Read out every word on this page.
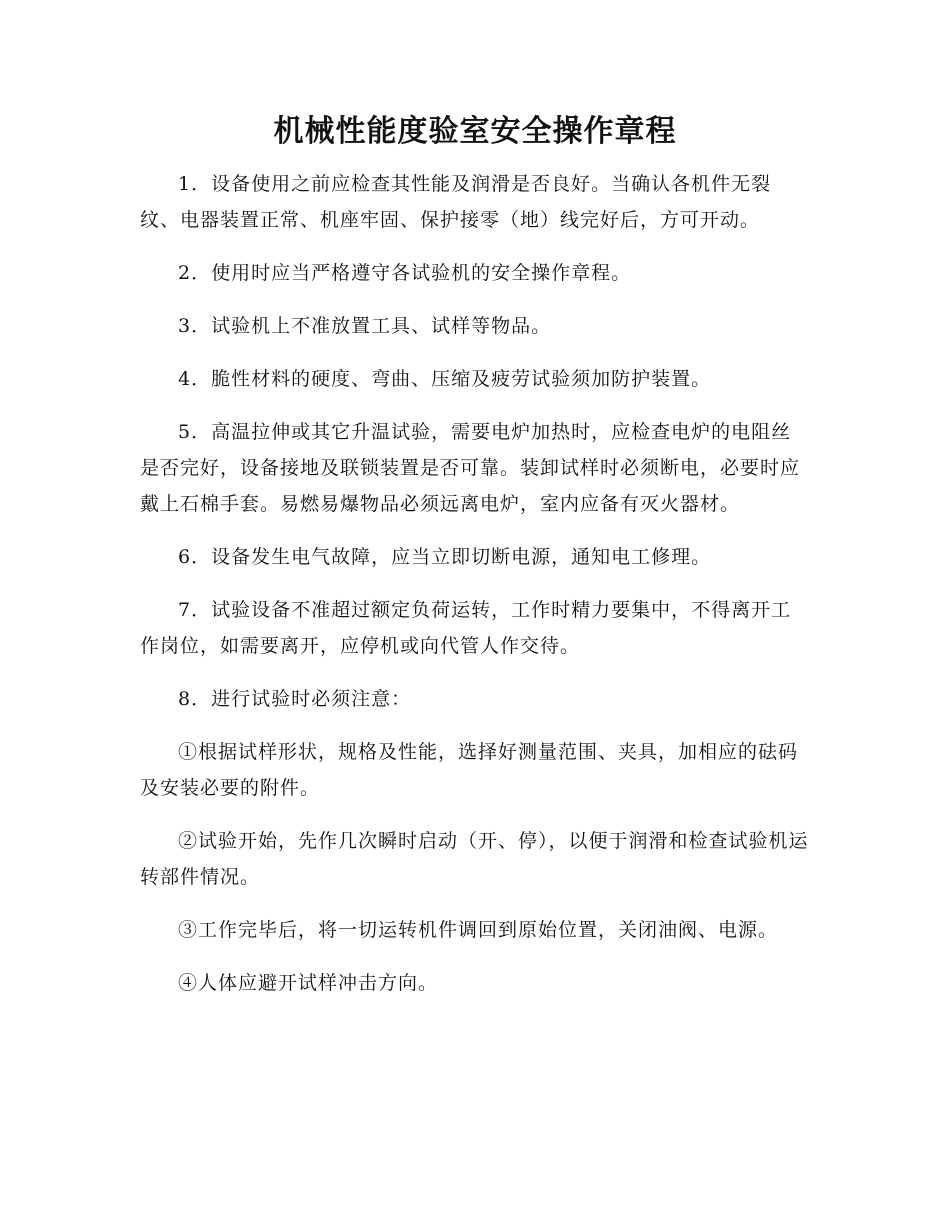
机械性能度验室安全操作章程

1．设备使用之前应检查其性能及润滑是否良好。当确认各机件无裂纹、电器装置正常、机座牢固、保护接零（地）线完好后，方可开动。

2．使用时应当严格遵守各试验机的安全操作章程。

3．试验机上不准放置工具、试样等物品。

4．脆性材料的硬度、弯曲、压缩及疲劳试验须加防护装置。

5．高温拉伸或其它升温试验，需要电炉加热时，应检查电炉的电阻丝是否完好，设备接地及联锁装置是否可靠。装卸试样时必须断电，必要时应戴上石棉手套。易燃易爆物品必须远离电炉，室内应备有灭火器材。

6．设备发生电气故障，应当立即切断电源，通知电工修理。

7．试验设备不准超过额定负荷运转，工作时精力要集中，不得离开工作岗位，如需要离开，应停机或向代管人作交待。

8．进行试验时必须注意：

①根据试样形状，规格及性能，选择好测量范围、夹具，加相应的砝码及安装必要的附件。

②试验开始，先作几次瞬时启动（开、停），以便于润滑和检查试验机运转部件情况。

③工作完毕后，将一切运转机件调回到原始位置，关闭油阀、电源。

④人体应避开试样冲击方向。
